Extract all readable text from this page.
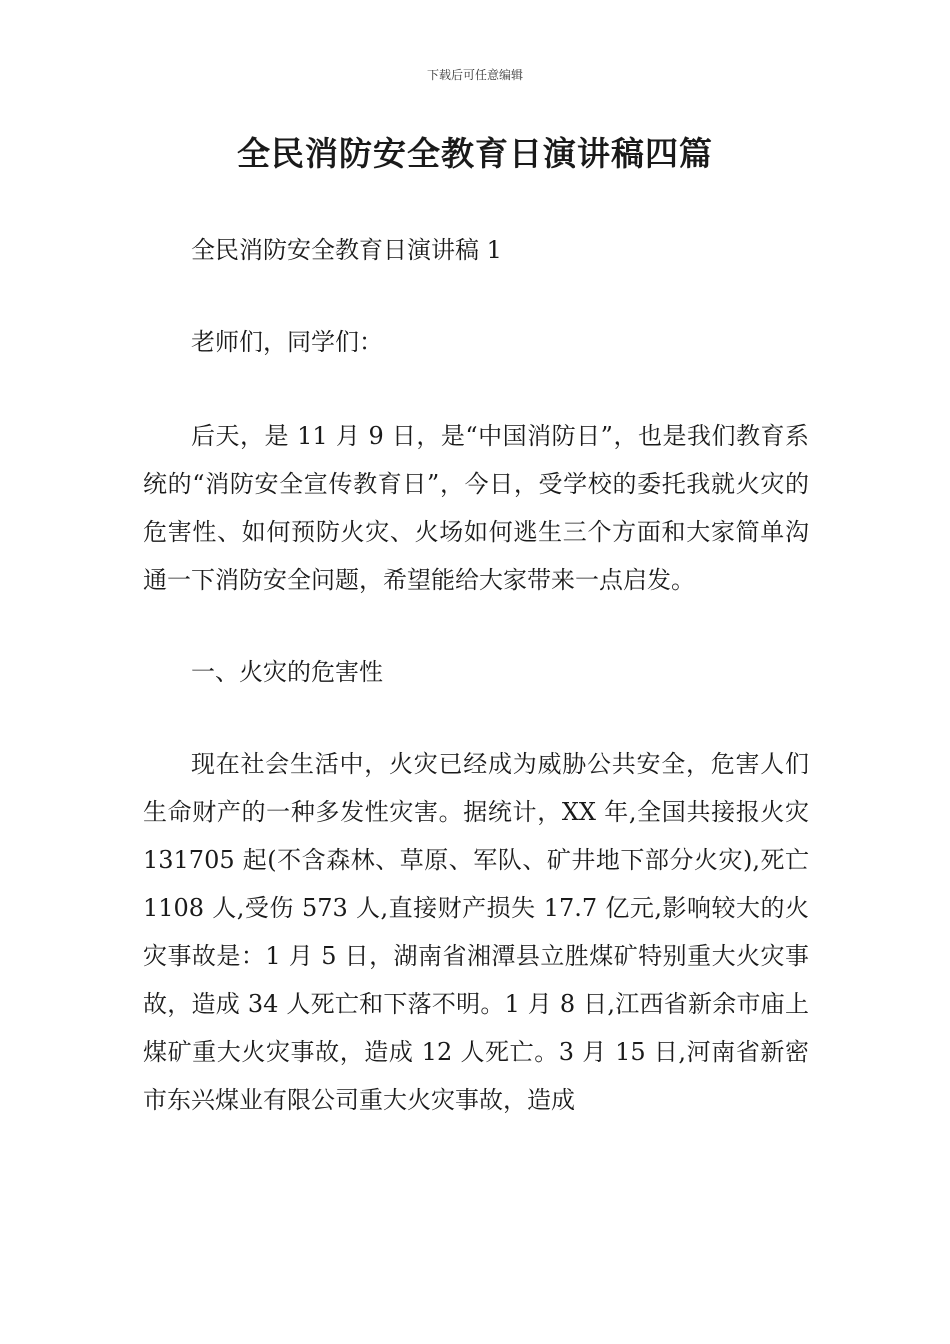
下载后可任意编辑
全民消防安全教育日演讲稿四篇

全民消防安全教育日演讲稿 1

老师们，同学们：

后天，是 11 月 9 日，是“中国消防日”，也是我们教育系统的“消防安全宣传教育日”，今日，受学校的委托我就火灾的危害性、如何预防火灾、火场如何逃生三个方面和大家简单沟通一下消防安全问题，希望能给大家带来一点启发。

一、火灾的危害性

现在社会生活中，火灾已经成为威胁公共安全，危害人们生命财产的一种多发性灾害。据统计，XX 年,全国共接报火灾 131705 起(不含森林、草原、军队、矿井地下部分火灾),死亡 1108 人,受伤 573 人,直接财产损失 17.7 亿元,影响较大的火灾事故是：1 月 5 日，湖南省湘潭县立胜煤矿特别重大火灾事故，造成 34 人死亡和下落不明。1 月 8 日,江西省新余市庙上煤矿重大火灾事故，造成 12 人死亡。3 月 15 日,河南省新密市东兴煤业有限公司重大火灾事故，造成
